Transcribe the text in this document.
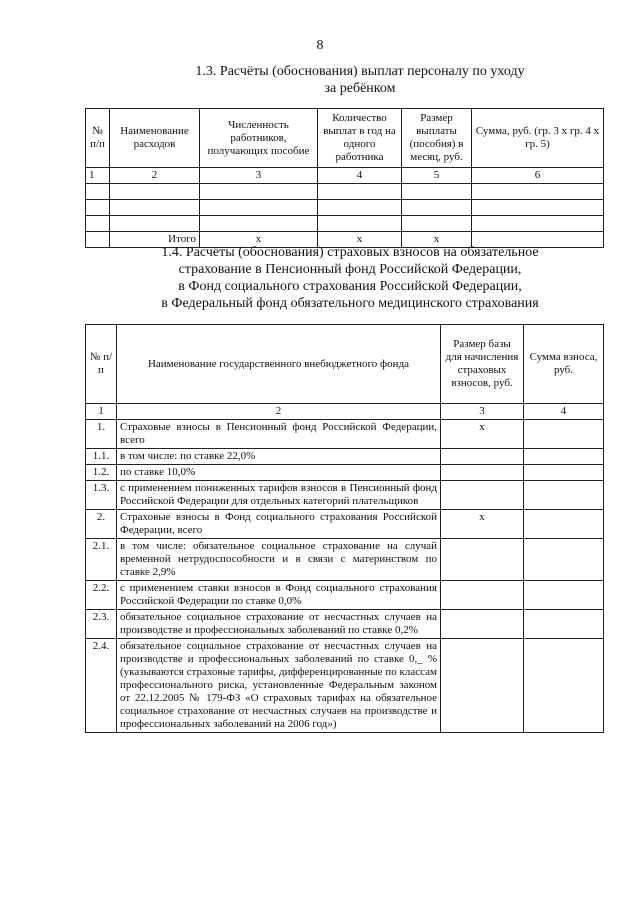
8
1.3. Расчёты (обоснования) выплат персоналу по уходу
за ребёнком
№ п/п	Наименование расходов	Численность работников, получающих пособие	Количество выплат в год на одного работника	Размер выплаты (пособия) в месяц, руб.	Сумма, руб. (гр. 3 х гр. 4 х гр. 5)
1	2	3	4	5	6

	Итого	х	х	х	
1.4. Расчёты (обоснования) страховых взносов на обязательное
страхование в Пенсионный фонд Российской Федерации,
в Фонд социального страхования Российской Федерации,
в Федеральный фонд обязательного медицинского страхования
№ п/п	Наименование государственного внебюджетного фонда	Размер базы для начисления страховых взносов, руб.	Сумма взноса, руб.
1	2	3	4
1.	Страховые взносы в Пенсионный фонд Российской Федерации, всего	х	
1.1.	в том числе: по ставке 22,0%		
1.2.	по ставке 10,0%		
1.3.	с применением пониженных тарифов взносов в Пенсионный фонд Российской Федерации для отдельных категорий плательщиков		
2.	Страховые взносы в Фонд социального страхования Российской Федерации, всего	х	
2.1.	в том числе: обязательное социальное страхование на случай временной нетрудоспособности и в связи с материнством по ставке 2,9%		
2.2.	с применением ставки взносов в Фонд социального страхования Российской Федерации по ставке 0,0%		
2.3.	обязательное социальное страхование от несчастных случаев на производстве и профессиональных заболеваний по ставке 0,2%		
2.4.	обязательное социальное страхование от несчастных случаев на производстве и профессиональных заболеваний по ставке 0,_ % (указываются страховые тарифы, дифференцированные по классам профессионального риска, установленные Федеральным законом от 22.12.2005 № 179-ФЗ «О страховых тарифах на обязательное социальное страхование от несчастных случаев на производстве и профессиональных заболеваний на 2006 год»)		
